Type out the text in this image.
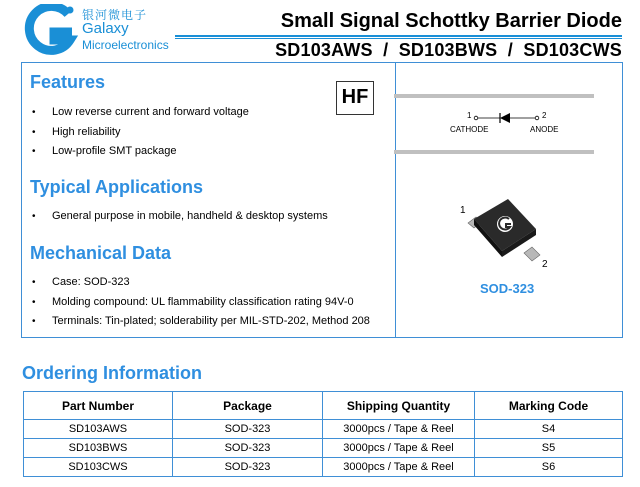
银河微电子
Galaxy
Microelectronics
Small Signal Schottky Barrier Diode
SD103AWS  /  SD103BWS  /  SD103CWS
Features
HF
• Low reverse current and forward voltage
• High reliability
• Low-profile SMT package
Typical Applications
• General purpose in mobile, handheld & desktop systems
Mechanical Data
• Case: SOD-323
• Molding compound: UL flammability classification rating 94V-0
• Terminals: Tin-plated; solderability per MIL-STD-202, Method 208
1	2
CATHODE	ANODE
1
2
SOD-323
Ordering Information
Part Number	Package	Shipping Quantity	Marking Code
SD103AWS	SOD-323	3000pcs / Tape & Reel	S4
SD103BWS	SOD-323	3000pcs / Tape & Reel	S5
SD103CWS	SOD-323	3000pcs / Tape & Reel	S6
